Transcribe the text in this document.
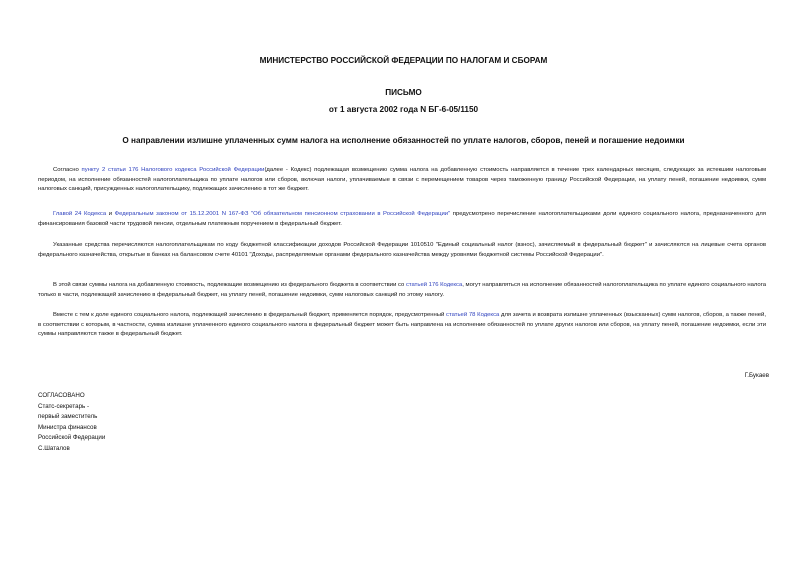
МИНИСТЕРСТВО РОССИЙСКОЙ ФЕДЕРАЦИИ ПО НАЛОГАМ И СБОРАМ
ПИСЬМО
от 1 августа 2002 года N БГ-6-05/1150
О направлении излишне уплаченных сумм налога на исполнение обязанностей по уплате налогов, сборов, пеней и погашение недоимки
Согласно пункту 2 статьи 176 Налогового кодекса Российской Федерации(далее - Кодекс) подлежащая возмещению сумма налога на добавленную стоимость направляется в течение трех календарных месяцев, следующих за истекшим налоговым периодом, на исполнение обязанностей налогоплательщика по уплате налогов или сборов, включая налоги, уплачиваемые в связи с перемещением товаров через таможенную границу Российской Федерации, на уплату пеней, погашение недоимки, сумм налоговых санкций, присужденных налогоплательщику, подлежащих зачислению в тот же бюджет.
Главой 24 Кодекса и Федеральным законом от 15.12.2001 N 167-ФЗ "Об обязательном пенсионном страховании в Российской Федерации" предусмотрено перечисление налогоплательщиками доли единого социального налога, предназначенного для финансирования базовой части трудовой пенсии, отдельным платежным поручением в федеральный бюджет.
Указанные средства перечисляются налогоплательщикам по коду бюджетной классификации доходов Российской Федерации 1010510 "Единый социальный налог (взнос), зачисляемый в федеральный бюджет" и зачисляются на лицевые счета органов федерального казначейства, открытые в банках на балансовом счете 40101 "Доходы, распределяемые органами федерального казначейства между уровнями бюджетной системы Российской Федерации".
В этой связи суммы налога на добавленную стоимость, подлежащие возмещению из федерального бюджета в соответствии со статьей 176 Кодекса, могут направляться на исполнение обязанностей налогоплательщика по уплате единого социального налога только в части, подлежащей зачислению в федеральный бюджет, на уплату пеней, погашение недоимки, сумм налоговых санкций по этому налогу.
Вместе с тем к доле единого социального налога, подлежащей зачислению в федеральный бюджет, применяется порядок, предусмотренный статьей 78 Кодекса для зачета и возврата излишне уплаченных (взысканных) сумм налогов, сборов, а также пеней, в соответствии с которым, в частности, сумма излишне уплаченного единого социального налога в федеральный бюджет может быть направлена на исполнение обязанностей по уплате других налогов или сборов, на уплату пеней, погашение недоимки, если эти суммы направляются также в федеральный бюджет.
Г.Букаев
СОГЛАСОВАНО
Статс-секретарь -
первый заместитель
Министра финансов
Российской Федерации
С.Шаталов
